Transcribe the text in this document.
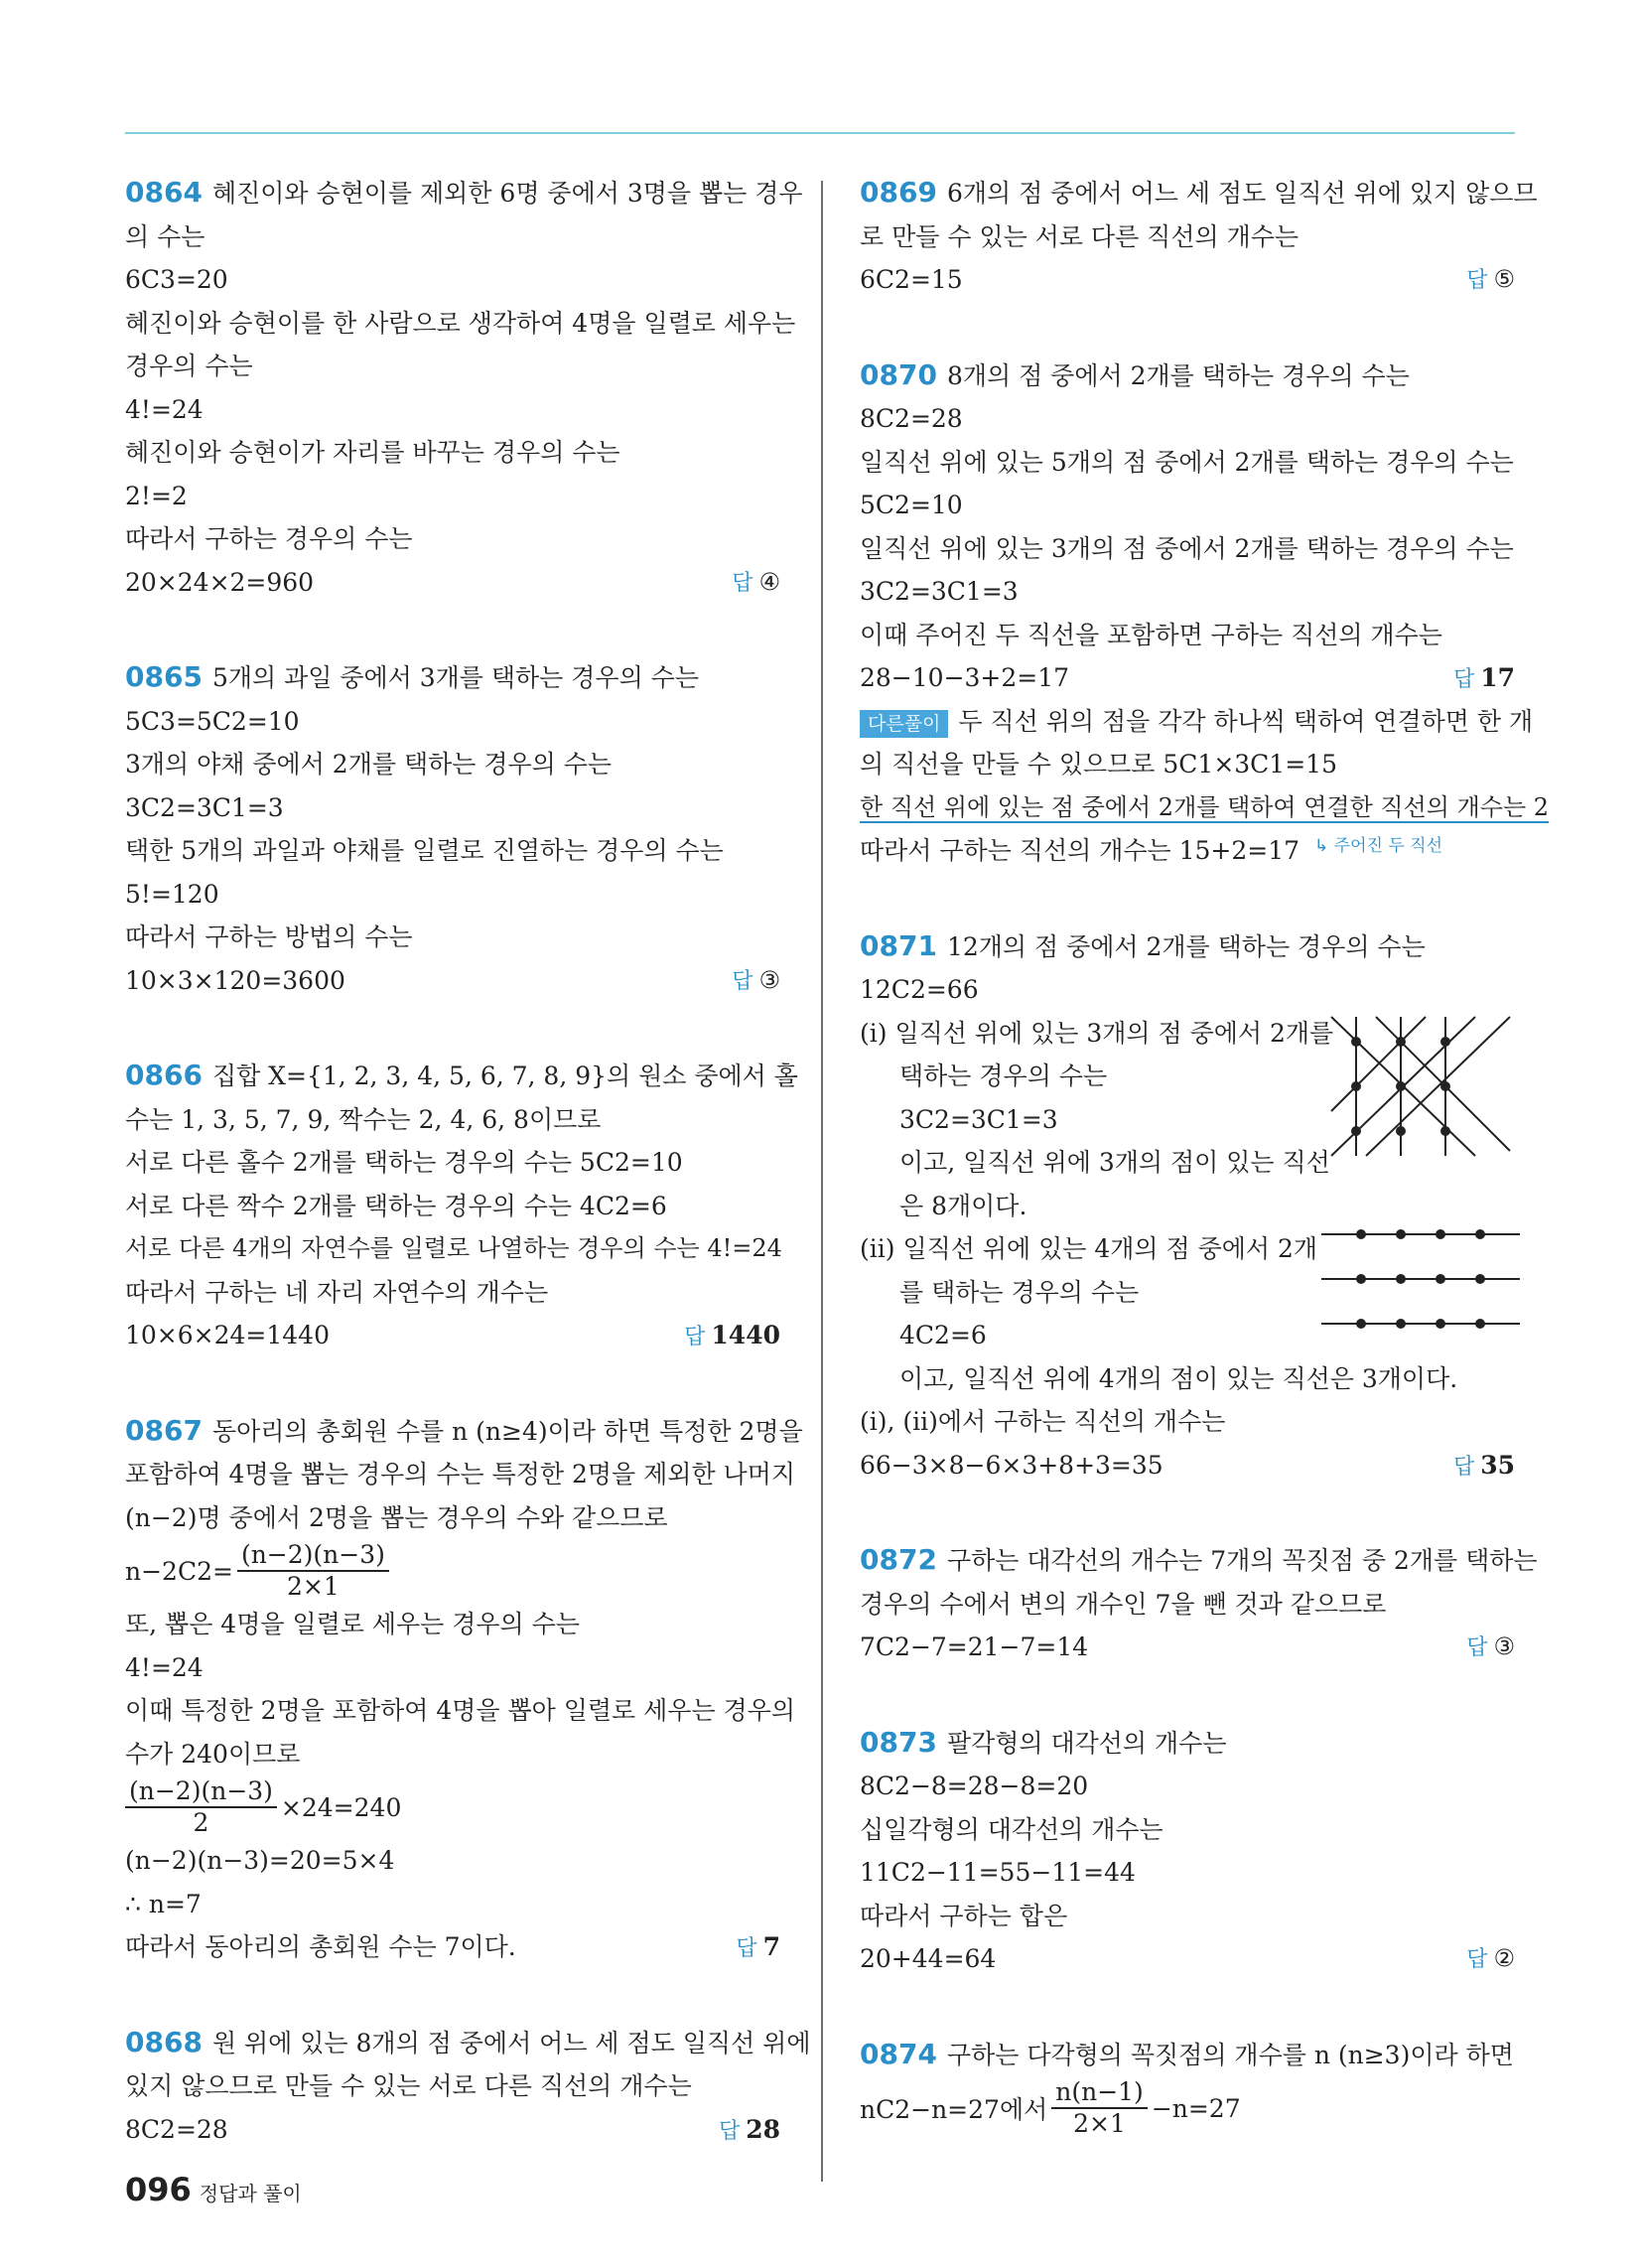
0864 혜진이와 승현이를 제외한 6명 중에서 3명을 뽑는 경우
의 수는
6C3=20
혜진이와 승현이를 한 사람으로 생각하여 4명을 일렬로 세우는
경우의 수는
4!=24
혜진이와 승현이가 자리를 바꾸는 경우의 수는
2!=2
따라서 구하는 경우의 수는
20×24×2=960	답 ④
0865 5개의 과일 중에서 3개를 택하는 경우의 수는
5C3=5C2=10
3개의 야채 중에서 2개를 택하는 경우의 수는
3C2=3C1=3
택한 5개의 과일과 야채를 일렬로 진열하는 경우의 수는
5!=120
따라서 구하는 방법의 수는
10×3×120=3600	답 ③
0866 집합 X={1, 2, 3, 4, 5, 6, 7, 8, 9}의 원소 중에서 홀
수는 1, 3, 5, 7, 9, 짝수는 2, 4, 6, 8이므로
서로 다른 홀수 2개를 택하는 경우의 수는 5C2=10
서로 다른 짝수 2개를 택하는 경우의 수는 4C2=6
서로 다른 4개의 자연수를 일렬로 나열하는 경우의 수는 4!=24
따라서 구하는 네 자리 자연수의 개수는
10×6×24=1440	답 1440
0867 동아리의 총회원 수를 n (n≥4)이라 하면 특정한 2명을
포함하여 4명을 뽑는 경우의 수는 특정한 2명을 제외한 나머지
(n−2)명 중에서 2명을 뽑는 경우의 수와 같으므로
$n-2C2= \frac{(n-2)(n-3)}{2\times 1}$
또, 뽑은 4명을 일렬로 세우는 경우의 수는
4!=24
이때 특정한 2명을 포함하여 4명을 뽑아 일렬로 세우는 경우의
수가 240이므로
$\frac{(n-2)(n-3)}{2} \times 24=240$
(n−2)(n−3)=20=5×4
∴ n=7
따라서 동아리의 총회원 수는 7이다.	답 7
0868 원 위에 있는 8개의 점 중에서 어느 세 점도 일직선 위에
있지 않으므로 만들 수 있는 서로 다른 직선의 개수는
8C2=28	답 28
0869 6개의 점 중에서 어느 세 점도 일직선 위에 있지 않으므
로 만들 수 있는 서로 다른 직선의 개수는
6C2=15	답 ⑤
0870 8개의 점 중에서 2개를 택하는 경우의 수는
8C2=28
일직선 위에 있는 5개의 점 중에서 2개를 택하는 경우의 수는
5C2=10
일직선 위에 있는 3개의 점 중에서 2개를 택하는 경우의 수는
3C2=3C1=3
이때 주어진 두 직선을 포함하면 구하는 직선의 개수는
28−10−3+2=17	답 17
다른풀이 두 직선 위의 점을 각각 하나씩 택하여 연결하면 한 개
의 직선을 만들 수 있으므로 5C1×3C1=15
한 직선 위에 있는 점 중에서 2개를 택하여 연결한 직선의 개수는 2
따라서 구하는 직선의 개수는 15+2=17 ↳ 주어진 두 직선
0871 12개의 점 중에서 2개를 택하는 경우의 수는
12C2=66
(i) 일직선 위에 있는 3개의 점 중에서 2개를
택하는 경우의 수는
3C2=3C1=3
이고, 일직선 위에 3개의 점이 있는 직선
은 8개이다.
(ii) 일직선 위에 있는 4개의 점 중에서 2개
를 택하는 경우의 수는
4C2=6
이고, 일직선 위에 4개의 점이 있는 직선은 3개이다.
(i), (ii)에서 구하는 직선의 개수는
66−3×8−6×3+8+3=35	답 35
0872 구하는 대각선의 개수는 7개의 꼭짓점 중 2개를 택하는
경우의 수에서 변의 개수인 7을 뺀 것과 같으므로
7C2−7=21−7=14	답 ③
0873 팔각형의 대각선의 개수는
8C2−8=28−8=20
십일각형의 대각선의 개수는
11C2−11=55−11=44
따라서 구하는 합은
20+44=64	답 ②
0874 구하는 다각형의 꼭짓점의 개수를 n (n≥3)이라 하면
nC2−n=27에서 $\frac{n(n-1)}{2\times 1} -n=27$
096 정답과 풀이
